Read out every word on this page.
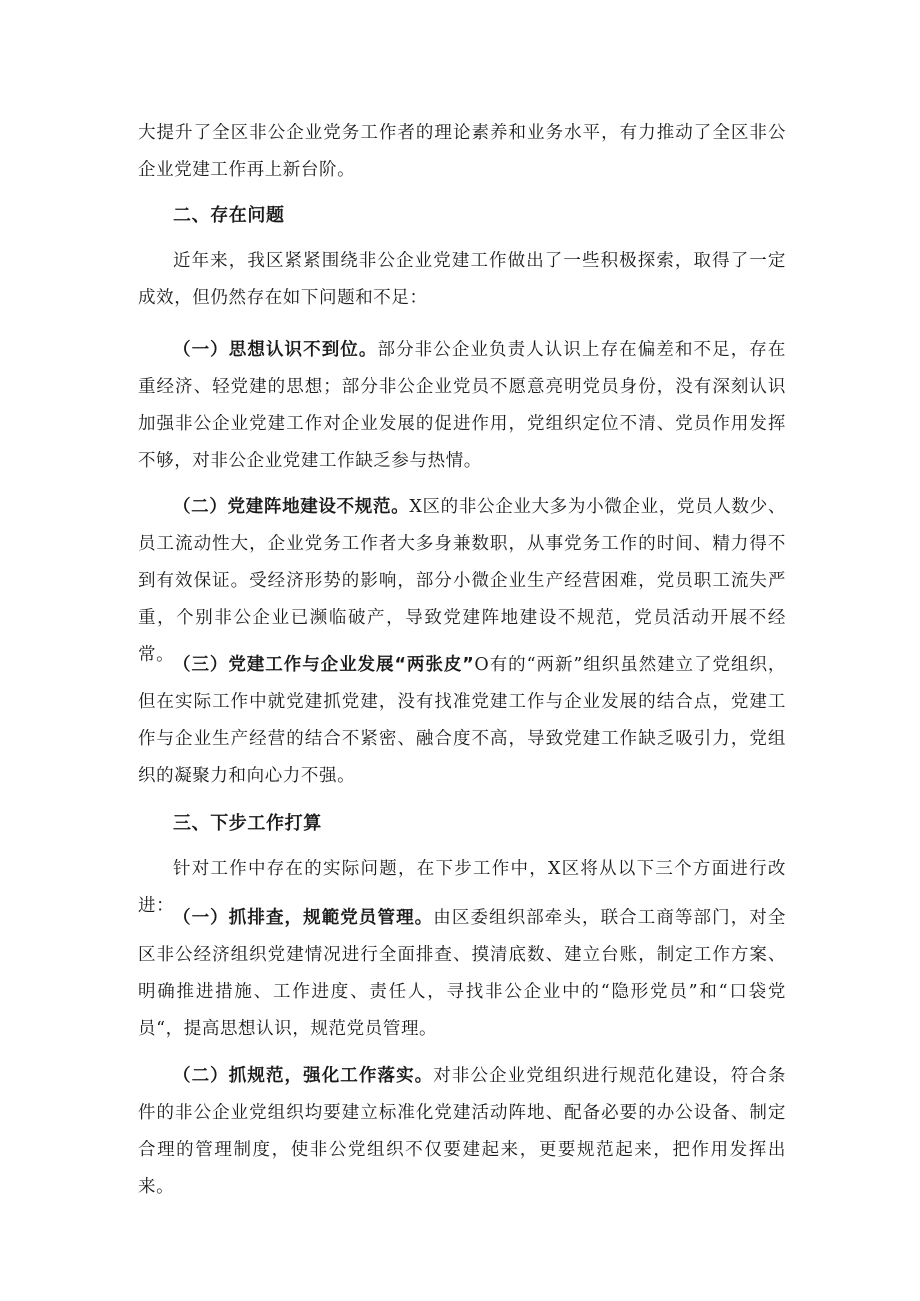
大提升了全区非公企业党务工作者的理论素养和业务水平，有力推动了全区非公企业党建工作再上新台阶。

二、存在问题

近年来，我区紧紧围绕非公企业党建工作做出了一些积极探索，取得了一定成效，但仍然存在如下问题和不足：

（一）思想认识不到位。部分非公企业负责人认识上存在偏差和不足，存在重经济、轻党建的思想；部分非公企业党员不愿意亮明党员身份，没有深刻认识加强非公企业党建工作对企业发展的促进作用，党组织定位不清、党员作用发挥不够，对非公企业党建工作缺乏参与热情。

（二）党建阵地建设不规范。X区的非公企业大多为小微企业，党员人数少、员工流动性大，企业党务工作者大多身兼数职，从事党务工作的时间、精力得不到有效保证。受经济形势的影响，部分小微企业生产经营困难，党员职工流失严重，个别非公企业已濒临破产，导致党建阵地建设不规范，党员活动开展不经常。

（三）党建工作与企业发展“两张皮”O有的“两新”组织虽然建立了党组织，但在实际工作中就党建抓党建，没有找准党建工作与企业发展的结合点，党建工作与企业生产经营的结合不紧密、融合度不高，导致党建工作缺乏吸引力，党组织的凝聚力和向心力不强。

三、下步工作打算

针对工作中存在的实际问题，在下步工作中，X区将从以下三个方面进行改进：

（一）抓排查，规範党员管理。由区委组织部牵头，联合工商等部门，对全区非公经济组织党建情况进行全面排查、摸清底数、建立台账，制定工作方案、明确推进措施、工作进度、责任人，寻找非公企业中的“隐形党员”和“口袋党员“，提高思想认识，规范党员管理。

（二）抓规范，强化工作落实。对非公企业党组织进行规范化建设，符合条件的非公企业党组织均要建立标准化党建活动阵地、配备必要的办公设备、制定合理的管理制度，使非公党组织不仅要建起来，更要规范起来，把作用发挥出来。
